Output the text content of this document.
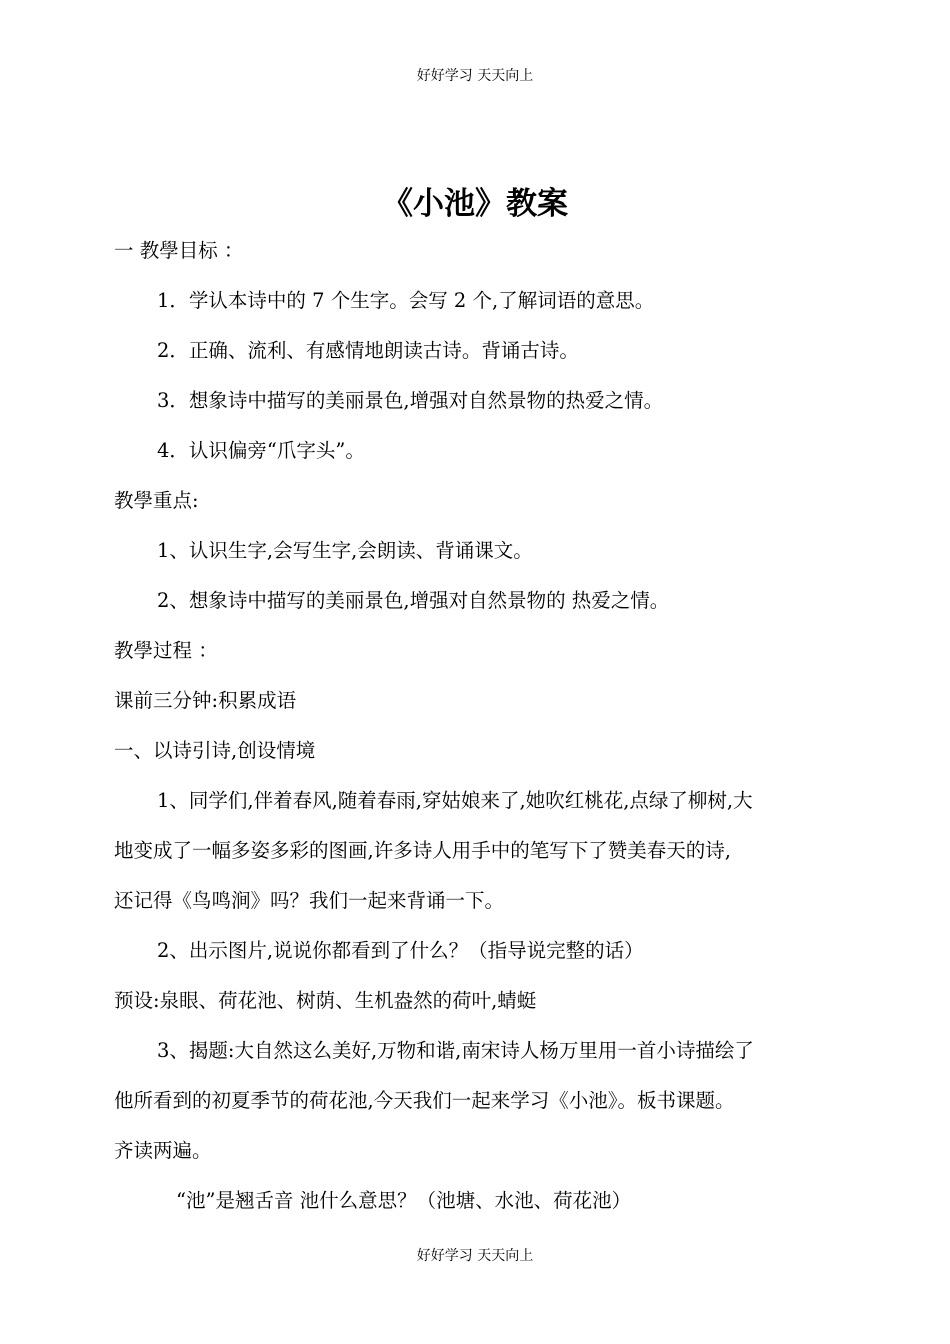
好好学习 天天向上
《小池》教案
一 教學目标 ：
1．学认本诗中的 7 个生字。会写 2 个,了解词语的意思。
2．正确、流利、有感情地朗读古诗。背诵古诗。
3．想象诗中描写的美丽景色,增强对自然景物的热爱之情。
4．认识偏旁“爪字头”。
教學重点:
1、认识生字,会写生字,会朗读、背诵课文。
2、想象诗中描写的美丽景色,增强对自然景物的 热爱之情。
教學过程 ：
课前三分钟:积累成语
一、以诗引诗,创设情境
1、同学们,伴着春风,随着春雨,穿姑娘来了,她吹红桃花,点绿了柳树,大
地变成了一幅多姿多彩的图画,许多诗人用手中的笔写下了赞美春天的诗,
还记得《鸟鸣涧》吗？我们一起来背诵一下。
2、出示图片,说说你都看到了什么？（指导说完整的话）
预设:泉眼、荷花池、树荫、生机盎然的荷叶,蜻蜓
3、揭题:大自然这么美好,万物和谐,南宋诗人杨万里用一首小诗描绘了
他所看到的初夏季节的荷花池,今天我们一起来学习《小池》。板书课题。
齐读两遍。
“池”是翘舌音 池什么意思？（池塘、水池、荷花池）
好好学习 天天向上
